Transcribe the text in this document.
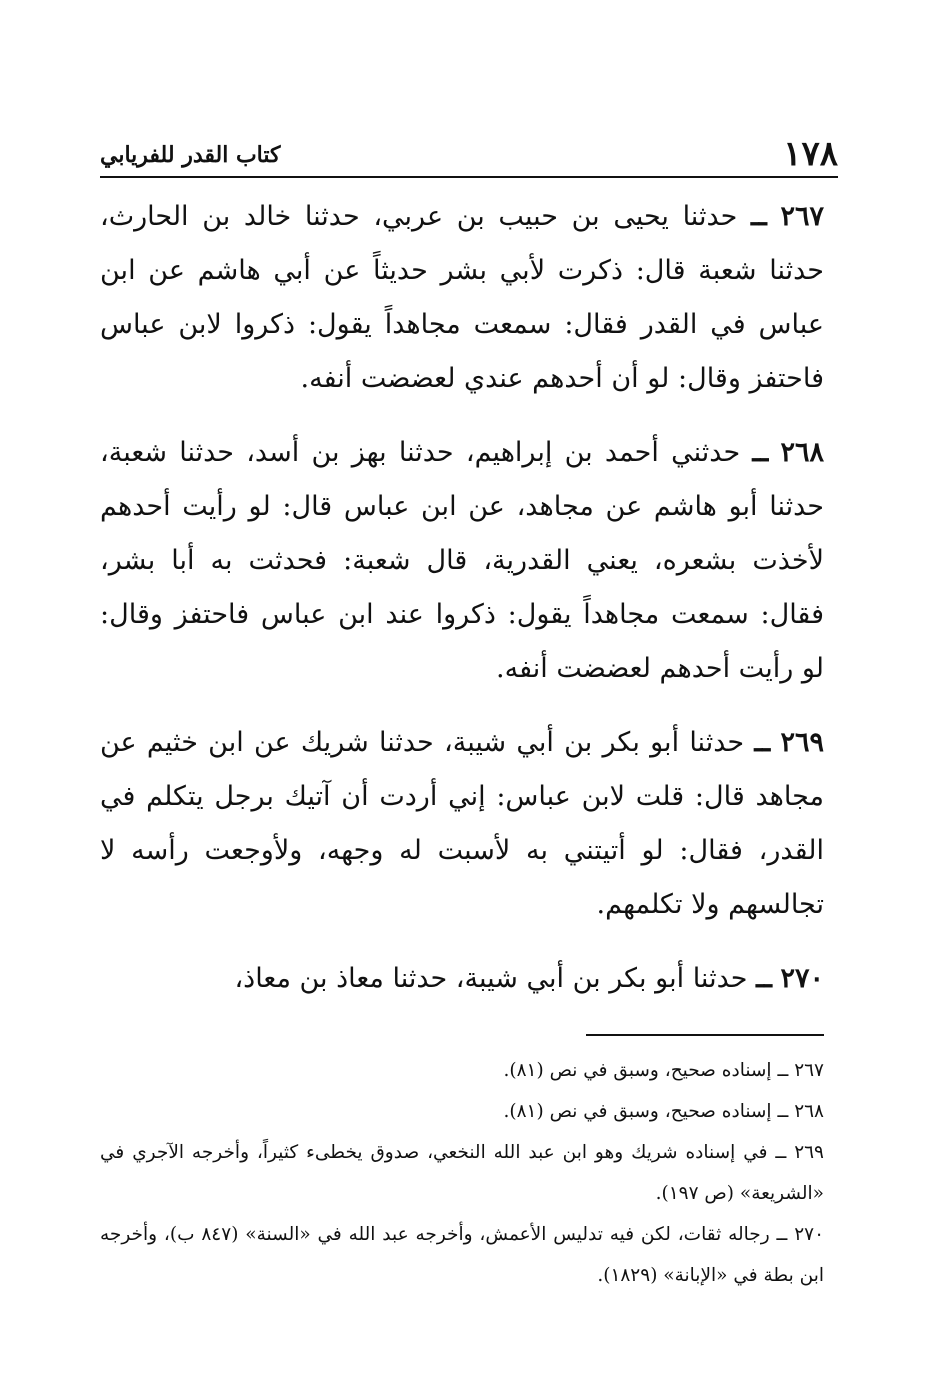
١٧٨
كتاب القدر للفريابي

٢٦٧ ــ حدثنا يحيى بن حبيب بن عربي، حدثنا خالد بن الحارث، حدثنا شعبة قال: ذكرت لأبي بشر حديثاً عن أبي هاشم عن ابن عباس في القدر فقال: سمعت مجاهداً يقول: ذكروا لابن عباس فاحتفز وقال: لو أن أحدهم عندي لعضضت أنفه.

٢٦٨ ــ حدثني أحمد بن إبراهيم، حدثنا بهز بن أسد، حدثنا شعبة، حدثنا أبو هاشم عن مجاهد، عن ابن عباس قال: لو رأيت أحدهم لأخذت بشعره، يعني القدرية، قال شعبة: فحدثت به أبا بشر، فقال: سمعت مجاهداً يقول: ذكروا عند ابن عباس فاحتفز وقال: لو رأيت أحدهم لعضضت أنفه.

٢٦٩ ــ حدثنا أبو بكر بن أبي شيبة، حدثنا شريك عن ابن خثيم عن مجاهد قال: قلت لابن عباس: إني أردت أن آتيك برجل يتكلم في القدر، فقال: لو أتيتني به لأسبت له وجهه، ولأوجعت رأسه لا تجالسهم ولا تكلمهم.

٢٧٠ ــ حدثنا أبو بكر بن أبي شيبة، حدثنا معاذ بن معاذ،

٢٦٧ ــ إسناده صحيح، وسبق في نص (٨١).

٢٦٨ ــ إسناده صحيح، وسبق في نص (٨١).

٢٦٩ ــ في إسناده شريك وهو ابن عبد الله النخعي، صدوق يخطىء كثيراً، وأخرجه الآجري في «الشريعة» (ص ١٩٧).

٢٧٠ ــ رجاله ثقات، لكن فيه تدليس الأعمش، وأخرجه عبد الله في «السنة» (٨٤٧ ب)، وأخرجه ابن بطة في «الإبانة» (١٨٢٩).
